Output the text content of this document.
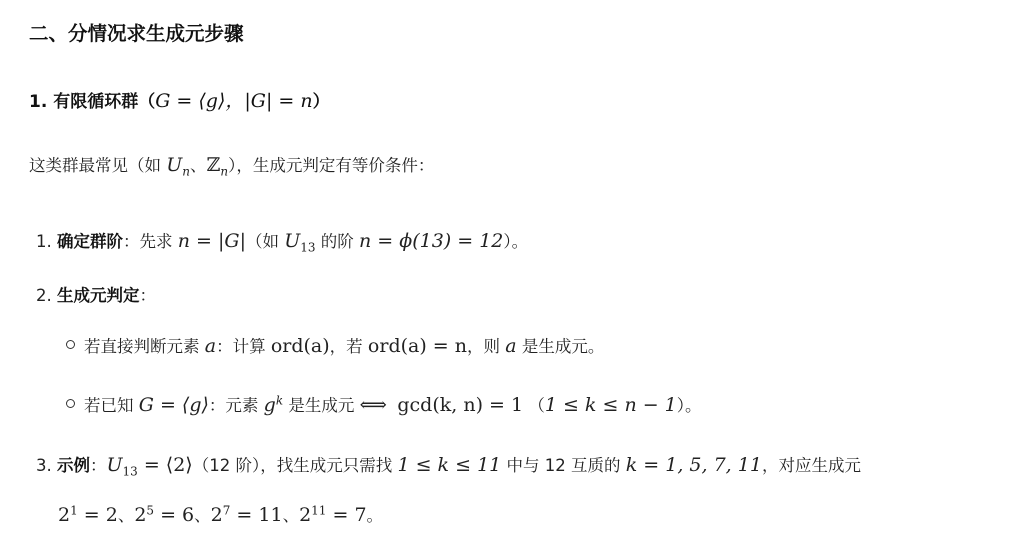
二、分情况求生成元步骤
1. 有限循环群（G = ⟨g⟩，|G| = n）
这类群最常见（如 $U_n$、ℤ$_n$），生成元判定有等价条件：
1. 确定群阶：先求 n = |G|（如 $U_{13}$ 的阶 n = ϕ(13) = 12）。
2. 生成元判定：
若直接判断元素 a：计算 ord(a)，若 ord(a) = n，则 a 是生成元。
若已知 G = ⟨g⟩：元素 $g^k$ 是生成元 ⟺ gcd(k, n) = 1 （1 ≤ k ≤ n − 1）。
3. 示例：$U_{13}$ = ⟨2⟩（12 阶），找生成元只需找 1 ≤ k ≤ 11 中与 12 互质的 k = 1, 5, 7, 11，对应生成元
$2^1 = 2$、$2^5 = 6$、$2^7 = 11$、$2^{11} = 7$。
